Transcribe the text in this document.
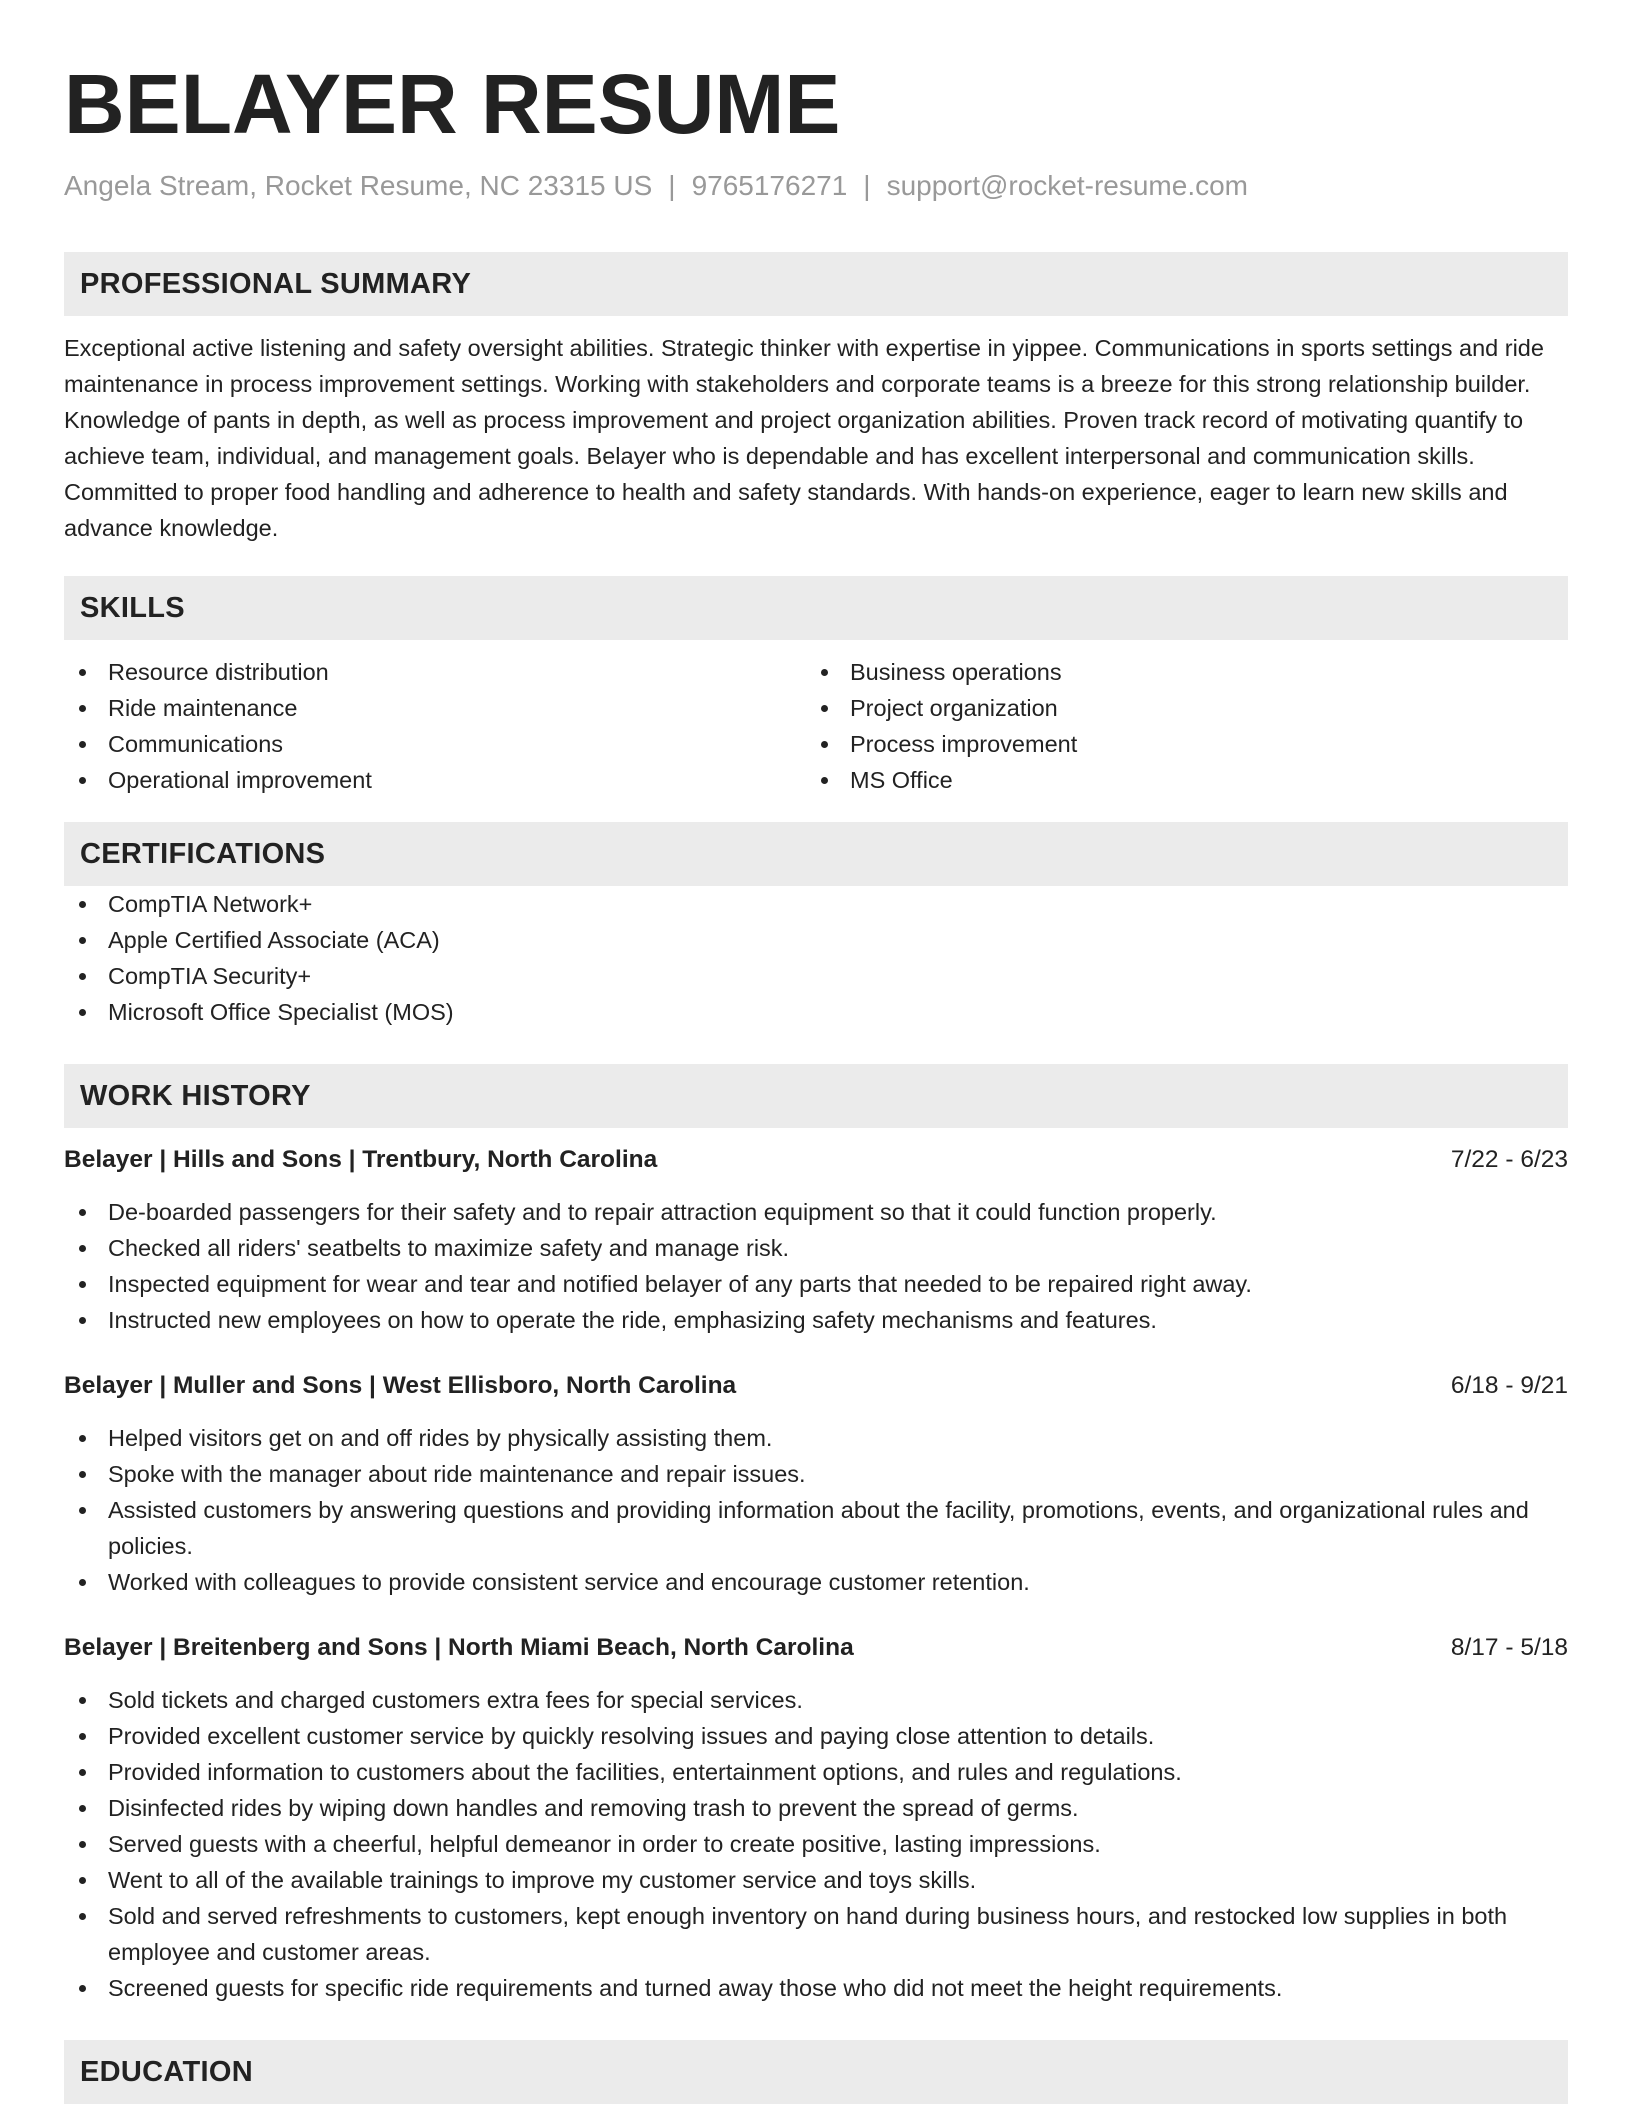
BELAYER RESUME
Angela Stream, Rocket Resume, NC 23315 US | 9765176271 | support@rocket-resume.com
PROFESSIONAL SUMMARY
Exceptional active listening and safety oversight abilities. Strategic thinker with expertise in yippee. Communications in sports settings and ride maintenance in process improvement settings. Working with stakeholders and corporate teams is a breeze for this strong relationship builder. Knowledge of pants in depth, as well as process improvement and project organization abilities. Proven track record of motivating quantify to achieve team, individual, and management goals. Belayer who is dependable and has excellent interpersonal and communication skills. Committed to proper food handling and adherence to health and safety standards. With hands-on experience, eager to learn new skills and advance knowledge.
SKILLS
Resource distribution
Ride maintenance
Communications
Operational improvement
Business operations
Project organization
Process improvement
MS Office
CERTIFICATIONS
CompTIA Network+
Apple Certified Associate (ACA)
CompTIA Security+
Microsoft Office Specialist (MOS)
WORK HISTORY
Belayer | Hills and Sons | Trentbury, North Carolina	7/22 - 6/23
De-boarded passengers for their safety and to repair attraction equipment so that it could function properly.
Checked all riders' seatbelts to maximize safety and manage risk.
Inspected equipment for wear and tear and notified belayer of any parts that needed to be repaired right away.
Instructed new employees on how to operate the ride, emphasizing safety mechanisms and features.
Belayer | Muller and Sons | West Ellisboro, North Carolina	6/18 - 9/21
Helped visitors get on and off rides by physically assisting them.
Spoke with the manager about ride maintenance and repair issues.
Assisted customers by answering questions and providing information about the facility, promotions, events, and organizational rules and policies.
Worked with colleagues to provide consistent service and encourage customer retention.
Belayer | Breitenberg and Sons | North Miami Beach, North Carolina	8/17 - 5/18
Sold tickets and charged customers extra fees for special services.
Provided excellent customer service by quickly resolving issues and paying close attention to details.
Provided information to customers about the facilities, entertainment options, and rules and regulations.
Disinfected rides by wiping down handles and removing trash to prevent the spread of germs.
Served guests with a cheerful, helpful demeanor in order to create positive, lasting impressions.
Went to all of the available trainings to improve my customer service and toys skills.
Sold and served refreshments to customers, kept enough inventory on hand during business hours, and restocked low supplies in both employee and customer areas.
Screened guests for specific ride requirements and turned away those who did not meet the height requirements.
EDUCATION
